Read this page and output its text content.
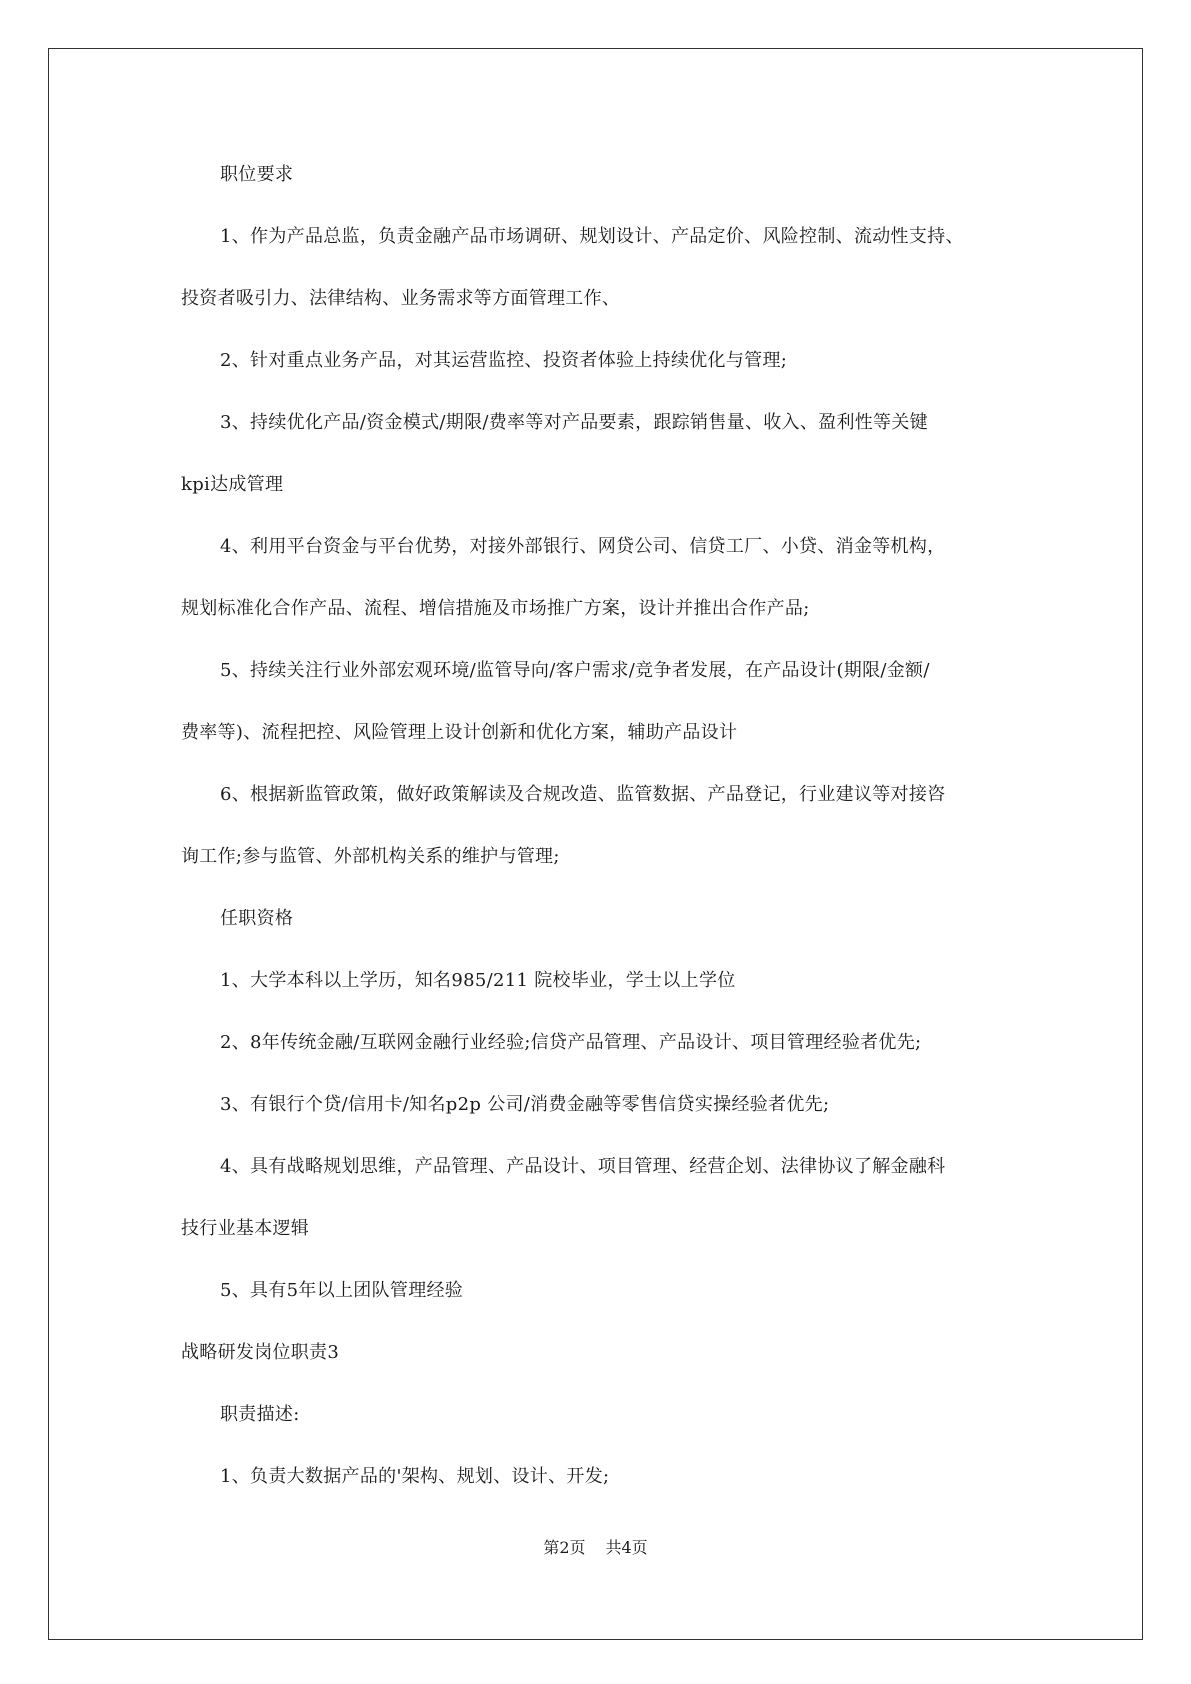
职位要求
1、作为产品总监，负责金融产品市场调研、规划设计、产品定价、风险控制、流动性支持、
投资者吸引力、法律结构、业务需求等方面管理工作、
2、针对重点业务产品，对其运营监控、投资者体验上持续优化与管理;
3、持续优化产品/资金模式/期限/费率等对产品要素，跟踪销售量、收入、盈利性等关键
kpi达成管理
4、利用平台资金与平台优势，对接外部银行、网贷公司、信贷工厂、小贷、消金等机构，
规划标准化合作产品、流程、增信措施及市场推广方案，设计并推出合作产品;
5、持续关注行业外部宏观环境/监管导向/客户需求/竞争者发展，在产品设计(期限/金额/
费率等)、流程把控、风险管理上设计创新和优化方案，辅助产品设计
6、根据新监管政策，做好政策解读及合规改造、监管数据、产品登记，行业建议等对接咨
询工作;参与监管、外部机构关系的维护与管理;
任职资格
1、大学本科以上学历，知名985/211 院校毕业，学士以上学位
2、8年传统金融/互联网金融行业经验;信贷产品管理、产品设计、项目管理经验者优先;
3、有银行个贷/信用卡/知名p2p 公司/消费金融等零售信贷实操经验者优先;
4、具有战略规划思维，产品管理、产品设计、项目管理、经营企划、法律协议了解金融科
技行业基本逻辑
5、具有5年以上团队管理经验
战略研发岗位职责3
职责描述:
1、负责大数据产品的'架构、规划、设计、开发;
第2页 共4页
